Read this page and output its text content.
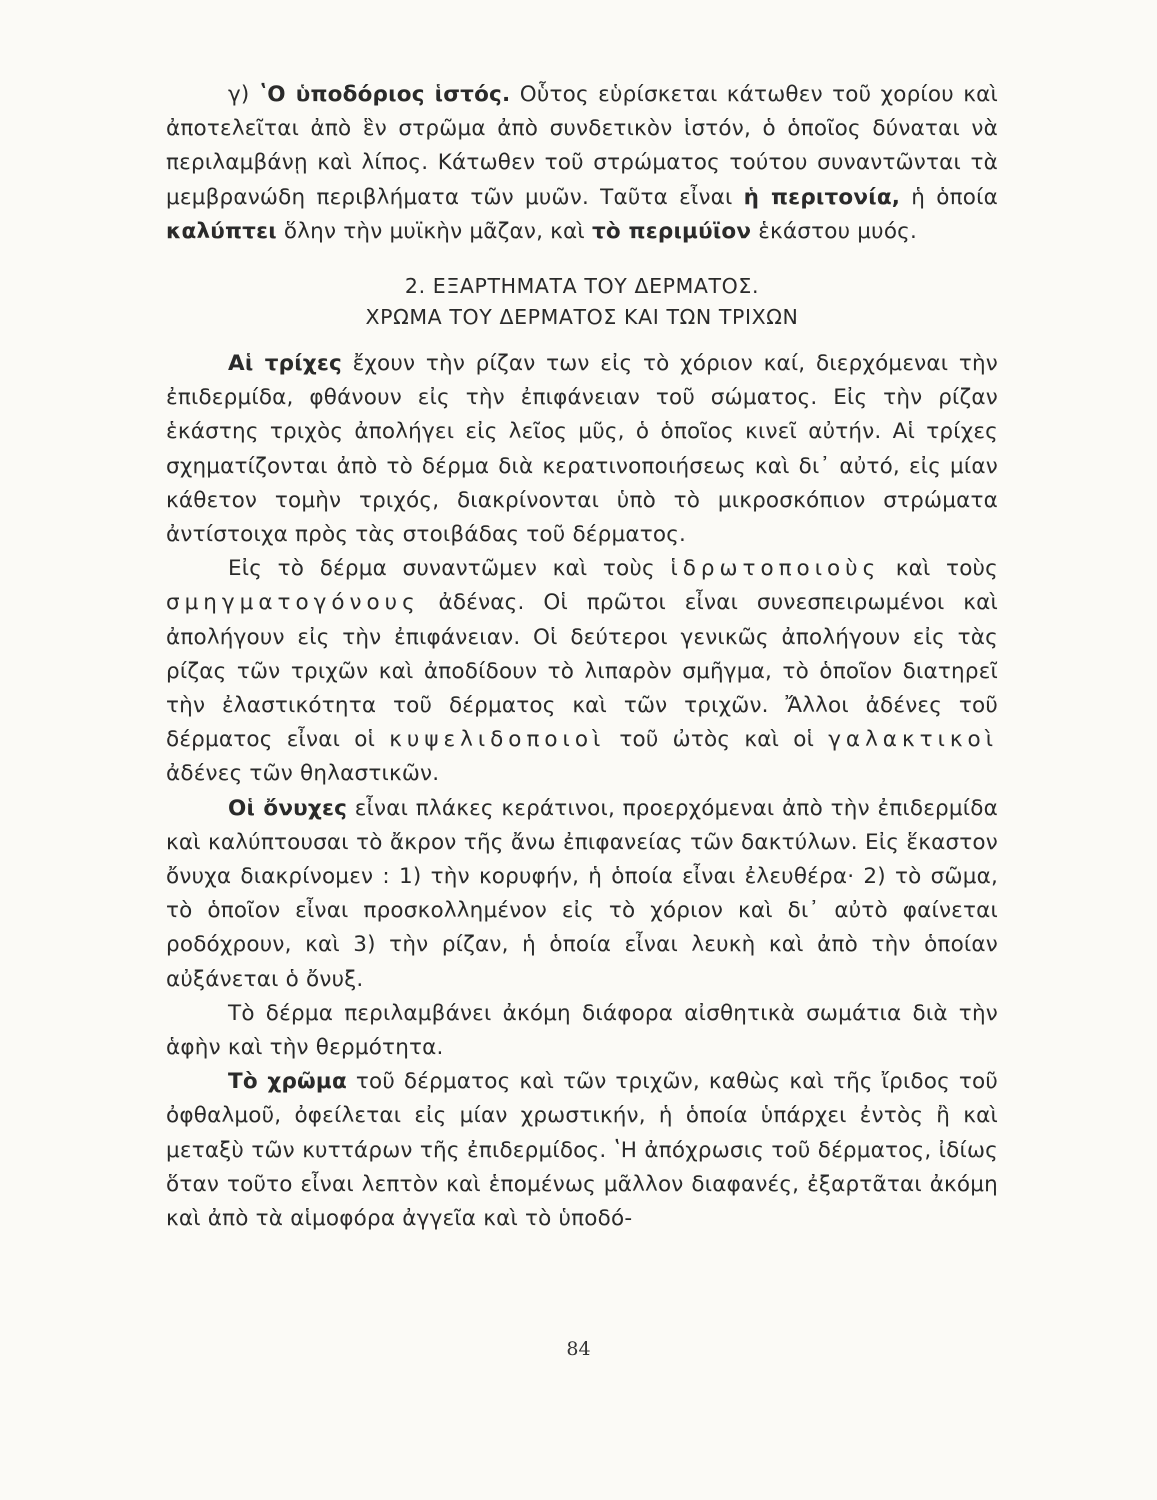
γ) ʽΟ ὑποδόριος ἱστός. Οὗτος εὑρίσκεται κάτωθεν τοῦ χορίου καὶ ἀποτελεῖται ἀπὸ ἓν στρῶμα ἀπὸ συνδετικὸν ἱστόν, ὁ ὁποῖος δύναται νὰ περιλαμβάνῃ καὶ λίπος. Κάτωθεν τοῦ στρώματος τούτου συναντῶνται τὰ μεμβρανώδη περιβλήματα τῶν μυῶν. Ταῦτα εἶναι ἡ περιτονία, ἡ ὁποία καλύπτει ὅλην τὴν μυϊκὴν μᾶζαν, καὶ τὸ περιμύϊον ἑκάστου μυός.

2. ΕΞΑΡΤΗΜΑΤΑ ΤΟΥ ΔΕΡΜΑΤΟΣ.
ΧΡΩΜΑ ΤΟΥ ΔΕΡΜΑΤΟΣ ΚΑΙ ΤΩΝ ΤΡΙΧΩΝ

Αἱ τρίχες ἔχουν τὴν ρίζαν των εἰς τὸ χόριον καί, διερχόμεναι τὴν ἐπιδερμίδα, φθάνουν εἰς τὴν ἐπιφάνειαν τοῦ σώματος. Εἰς τὴν ρίζαν ἑκάστης τριχὸς ἀπολήγει εἰς λεῖος μῦς, ὁ ὁποῖος κινεῖ αὐτήν. Αἱ τρίχες σχηματίζονται ἀπὸ τὸ δέρμα διὰ κερατινοποιήσεως καὶ δι᾽ αὐτό, εἰς μίαν κάθετον τομὴν τριχός, διακρίνονται ὑπὸ τὸ μικροσκόπιον στρώματα ἀντίστοιχα πρὸς τὰς στοιβάδας τοῦ δέρματος.

Εἰς τὸ δέρμα συναντῶμεν καὶ τοὺς ἱδρωτοποιοὺς καὶ τοὺς σμηγματογόνους ἀδένας. Οἱ πρῶτοι εἶναι συνεσπειρωμένοι καὶ ἀπολήγουν εἰς τὴν ἐπιφάνειαν. Οἱ δεύτεροι γενικῶς ἀπολήγουν εἰς τὰς ρίζας τῶν τριχῶν καὶ ἀποδίδουν τὸ λιπαρὸν σμῆγμα, τὸ ὁποῖον διατηρεῖ τὴν ἐλαστικότητα τοῦ δέρματος καὶ τῶν τριχῶν. Ἄλλοι ἀδένες τοῦ δέρματος εἶναι οἱ κυψελιδοποιοὶ τοῦ ὠτὸς καὶ οἱ γαλακτικοὶ ἀδένες τῶν θηλαστικῶν.

Οἱ ὄνυχες εἶναι πλάκες κεράτινοι, προερχόμεναι ἀπὸ τὴν ἐπιδερμίδα καὶ καλύπτουσαι τὸ ἄκρον τῆς ἄνω ἐπιφανείας τῶν δακτύλων. Εἰς ἕκαστον ὄνυχα διακρίνομεν : 1) τὴν κορυφήν, ἡ ὁποία εἶναι ἐλευθέρα· 2) τὸ σῶμα, τὸ ὁποῖον εἶναι προσκολλημένον εἰς τὸ χόριον καὶ δι᾽ αὐτὸ φαίνεται ροδόχρουν, καὶ 3) τὴν ρίζαν, ἡ ὁποία εἶναι λευκὴ καὶ ἀπὸ τὴν ὁποίαν αὐξάνεται ὁ ὄνυξ.

Τὸ δέρμα περιλαμβάνει ἀκόμη διάφορα αἰσθητικὰ σωμάτια διὰ τὴν ἁφὴν καὶ τὴν θερμότητα.

Τὸ χρῶμα τοῦ δέρματος καὶ τῶν τριχῶν, καθὼς καὶ τῆς ἴριδος τοῦ ὀφθαλμοῦ, ὀφείλεται εἰς μίαν χρωστικήν, ἡ ὁποία ὑπάρχει ἐντὸς ἢ καὶ μεταξὺ τῶν κυττάρων τῆς ἐπιδερμίδος. ʽΗ ἀπόχρωσις τοῦ δέρματος, ἰδίως ὅταν τοῦτο εἶναι λεπτὸν καὶ ἑπομένως μᾶλλον διαφανές, ἐξαρτᾶται ἀκόμη καὶ ἀπὸ τὰ αἱμοφόρα ἀγγεῖα καὶ τὸ ὑποδό-

84
